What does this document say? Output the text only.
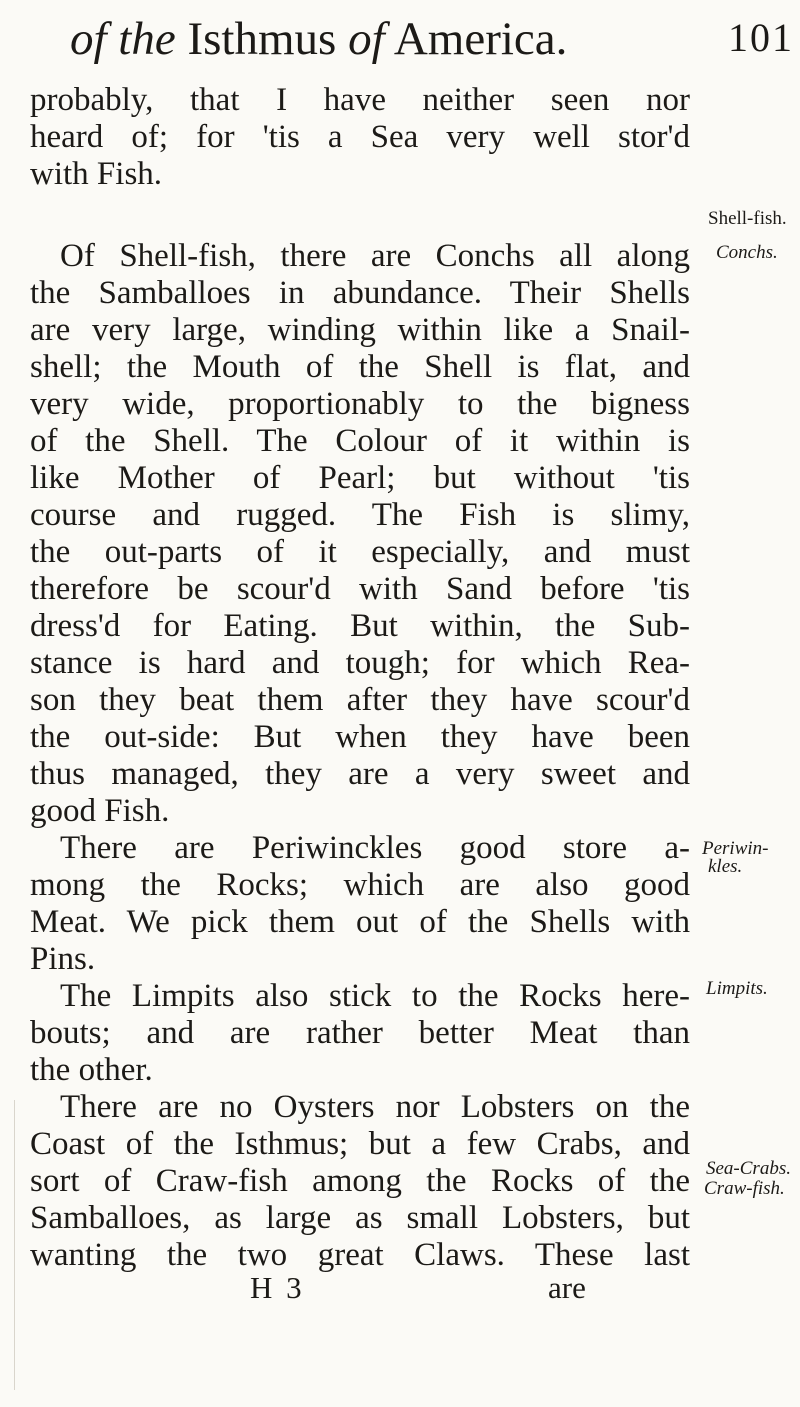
of the Isthmus of America.	101
probably, that I have neither seen nor
heard of; for 'tis a Sea very well stor'd
with Fish.
Of Shell-fish, there are Conchs all along
the Samballoes in abundance. Their Shells
are very large, winding within like a Snail-
shell; the Mouth of the Shell is flat, and
very wide, proportionably to the bigness
of the Shell. The Colour of it within is
like Mother of Pearl; but without 'tis
course and rugged. The Fish is slimy,
the out-parts of it especially, and must
therefore be scour'd with Sand before 'tis
dress'd for Eating. But within, the Sub-
stance is hard and tough; for which Rea-
son they beat them after they have scour'd
the out-side: But when they have been
thus managed, they are a very sweet and
good Fish.
There are Periwinckles good store a-
mong the Rocks; which are also good
Meat. We pick them out of the Shells with
Pins.
The Limpits also stick to the Rocks here-
bouts; and are rather better Meat than
the other.
There are no Oysters nor Lobsters on the
Coast of the Isthmus; but a few Crabs, and
sort of Craw-fish among the Rocks of the
Samballoes, as large as small Lobsters, but
wanting the two great Claws. These last
Shell-fish.
Conchs.
Periwin-
kles.
Limpits.
Sea-Crabs.
Craw-fish.
H 3	are
